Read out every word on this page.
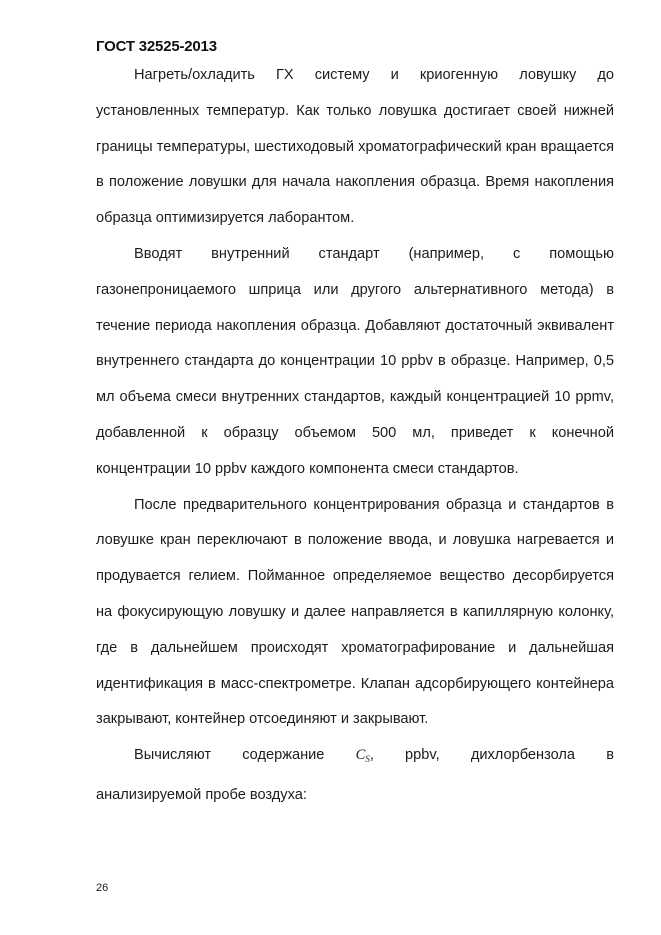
ГОСТ 32525-2013

Нагреть/охладить ГХ систему и криогенную ловушку до установленных температур. Как только ловушка достигает своей нижней границы температуры, шестиходовый хроматографический кран вращается в положение ловушки для начала накопления образца. Время накопления образца оптимизируется лаборантом.

Вводят внутренний стандарт (например, с помощью газонепроницаемого шприца или другого альтернативного метода) в течение периода накопления образца. Добавляют достаточный эквивалент внутреннего стандарта до концентрации 10 ppbv в образце. Например, 0,5 мл объема смеси внутренних стандартов, каждый концентрацией 10 ppmv, добавленной к образцу объемом 500 мл, приведет к конечной концентрации 10 ppbv каждого компонента смеси стандартов.

После предварительного концентрирования образца и стандартов в ловушке кран переключают в положение ввода, и ловушка нагревается и продувается гелием. Пойманное определяемое вещество десорбируется на фокусирующую ловушку и далее направляется в капиллярную колонку, где в дальнейшем происходят хроматографирование и дальнейшая идентификация в масс-спектрометре. Клапан адсорбирующего контейнера закрывают, контейнер отсоединяют и закрывают.

Вычисляют содержание $C_S$, ppbv, дихлорбензола в

анализируемой пробе воздуха:

26
